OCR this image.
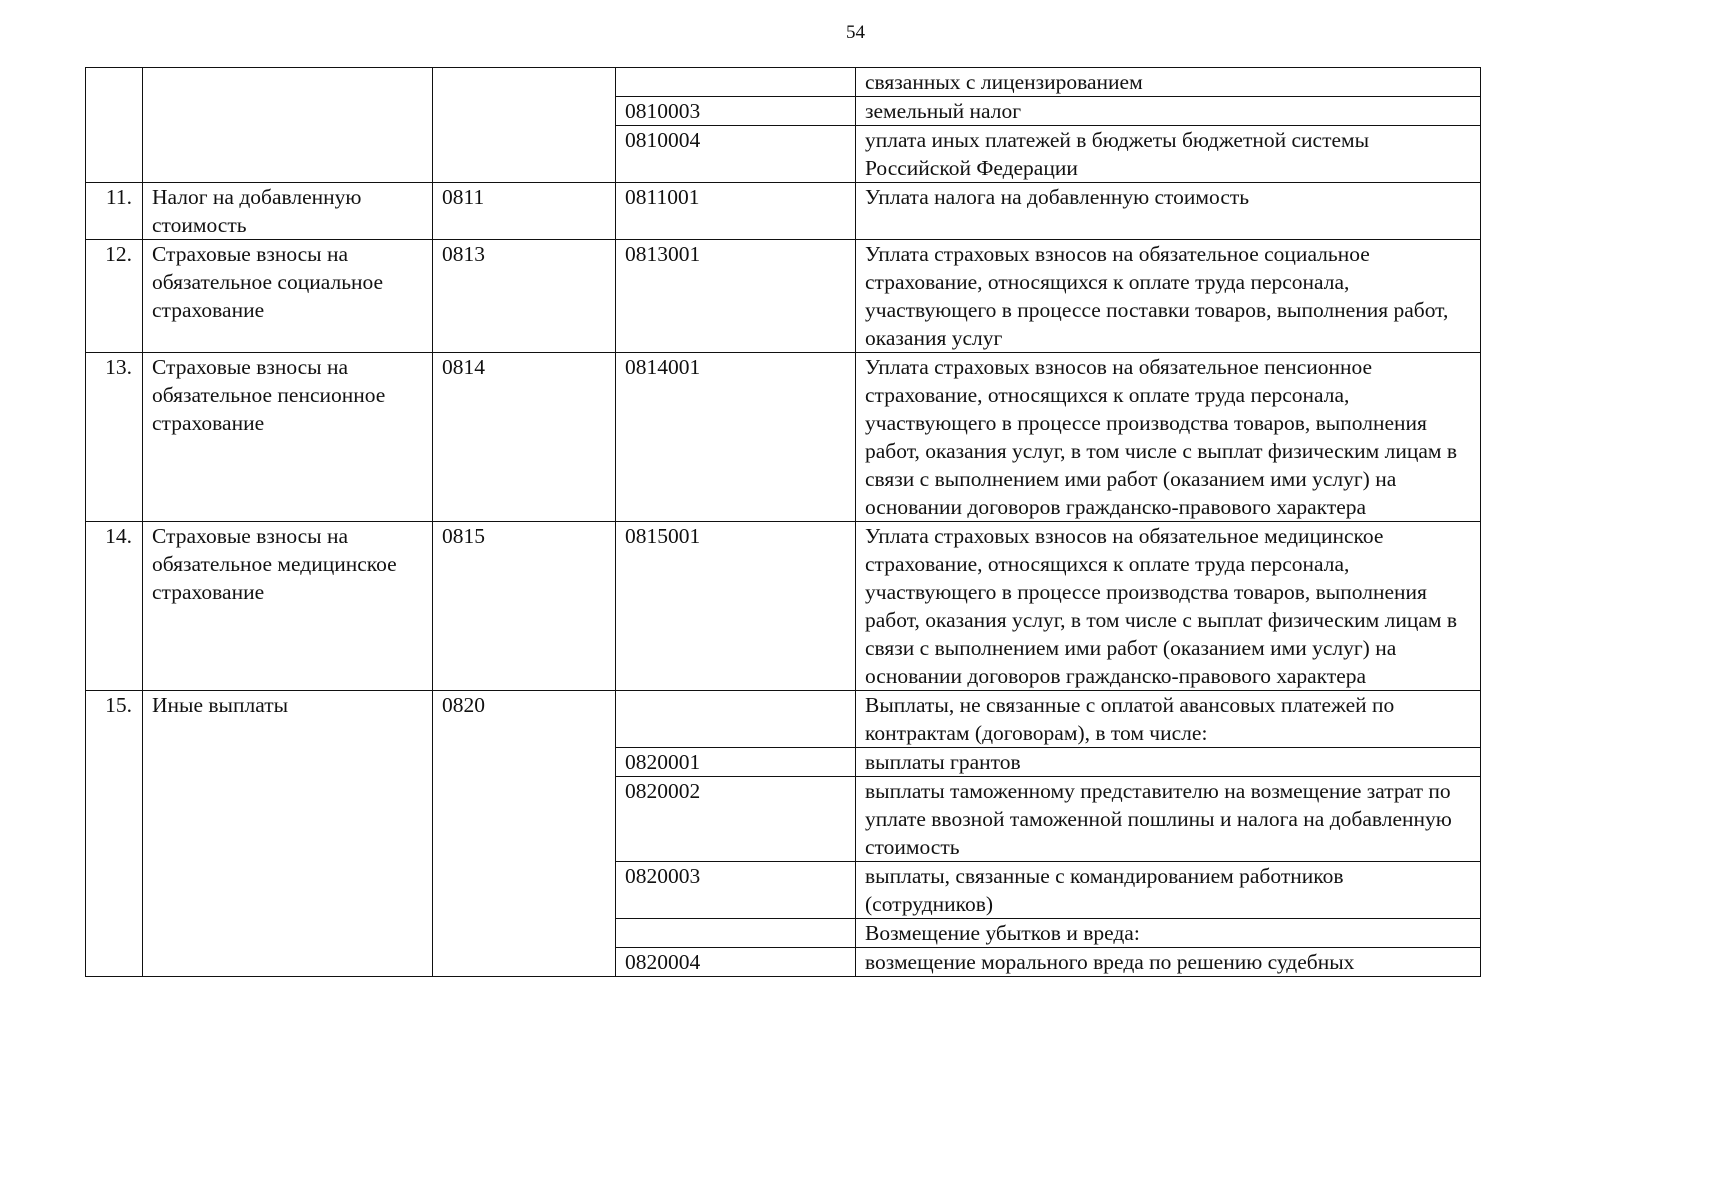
54
				связанных с лицензированием
			0810003	земельный налог
			0810004	уплата иных платежей в бюджеты бюджетной системы Российской Федерации
11.	Налог на добавленную стоимость	0811	0811001	Уплата налога на добавленную стоимость
12.	Страховые взносы на обязательное социальное страхование	0813	0813001	Уплата страховых взносов на обязательное социальное страхование, относящихся к оплате труда персонала, участвующего в процессе поставки товаров, выполнения работ, оказания услуг
13.	Страховые взносы на обязательное пенсионное страхование	0814	0814001	Уплата страховых взносов на обязательное пенсионное страхование, относящихся к оплате труда персонала, участвующего в процессе производства товаров, выполнения работ, оказания услуг, в том числе с выплат физическим лицам в связи с выполнением ими работ (оказанием ими услуг) на основании договоров гражданско-правового характера
14.	Страховые взносы на обязательное медицинское страхование	0815	0815001	Уплата страховых взносов на обязательное медицинское страхование, относящихся к оплате труда персонала, участвующего в процессе производства товаров, выполнения работ, оказания услуг, в том числе с выплат физическим лицам в связи с выполнением ими работ (оказанием ими услуг) на основании договоров гражданско-правового характера
15.	Иные выплаты	0820		Выплаты, не связанные с оплатой авансовых платежей по контрактам (договорам), в том числе:
			0820001	выплаты грантов
			0820002	выплаты таможенному представителю на возмещение затрат по уплате ввозной таможенной пошлины и налога на добавленную стоимость
			0820003	выплаты, связанные с командированием работников (сотрудников)
				Возмещение убытков и вреда:
			0820004	возмещение морального вреда по решению судебных
